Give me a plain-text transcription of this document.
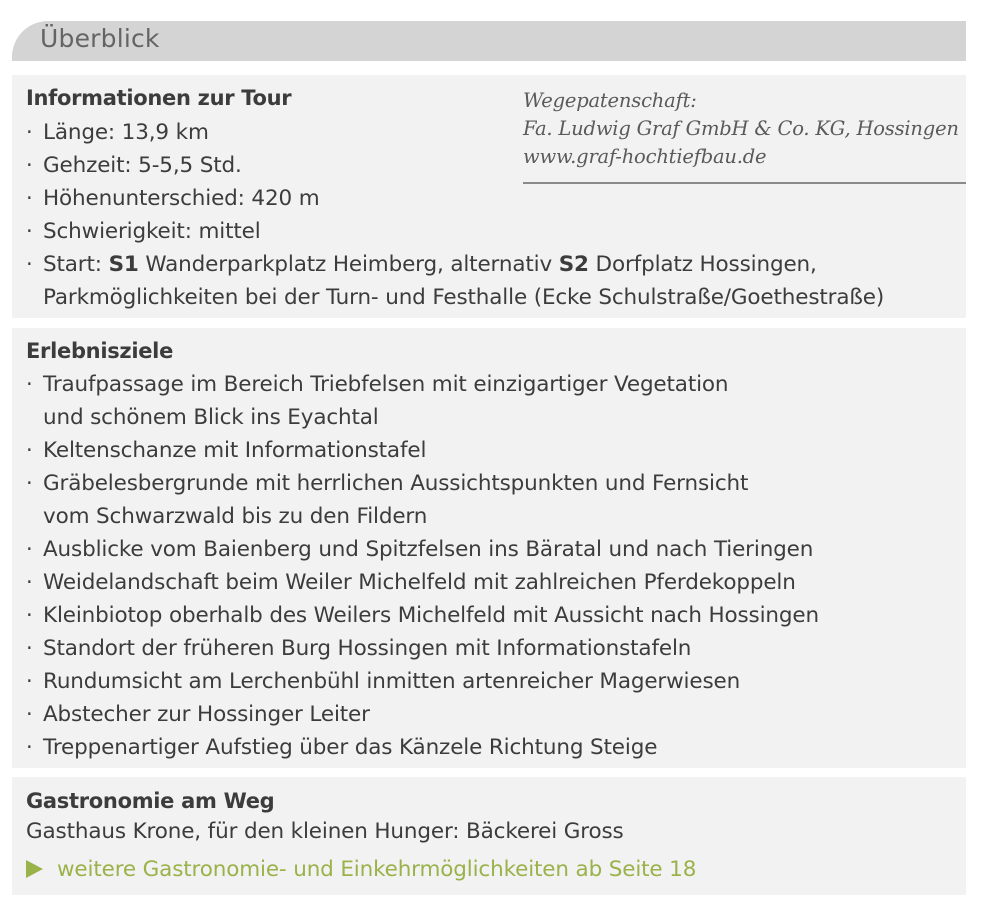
Überblick
Informationen zur Tour
· Länge: 13,9 km
· Gehzeit: 5-5,5 Std.
· Höhenunterschied: 420 m
· Schwierigkeit: mittel
· Start: S1 Wanderparkplatz Heimberg, alternativ S2 Dorfplatz Hossingen,
Parkmöglichkeiten bei der Turn- und Festhalle (Ecke Schulstraße/Goethestraße)
Wegepatenschaft:
Fa. Ludwig Graf GmbH & Co. KG, Hossingen
www.graf-hochtiefbau.de
Erlebnisziele
· Traufpassage im Bereich Triebfelsen mit einzigartiger Vegetation
und schönem Blick ins Eyachtal
· Keltenschanze mit Informationstafel
· Gräbelesbergrunde mit herrlichen Aussichtspunkten und Fernsicht
vom Schwarzwald bis zu den Fildern
· Ausblicke vom Baienberg und Spitzfelsen ins Bäratal und nach Tieringen
· Weidelandschaft beim Weiler Michelfeld mit zahlreichen Pferdekoppeln
· Kleinbiotop oberhalb des Weilers Michelfeld mit Aussicht nach Hossingen
· Standort der früheren Burg Hossingen mit Informationstafeln
· Rundumsicht am Lerchenbühl inmitten artenreicher Magerwiesen
· Abstecher zur Hossinger Leiter
· Treppenartiger Aufstieg über das Känzele Richtung Steige
Gastronomie am Weg
Gasthaus Krone, für den kleinen Hunger: Bäckerei Gross
weitere Gastronomie- und Einkehrmöglichkeiten ab Seite 18
